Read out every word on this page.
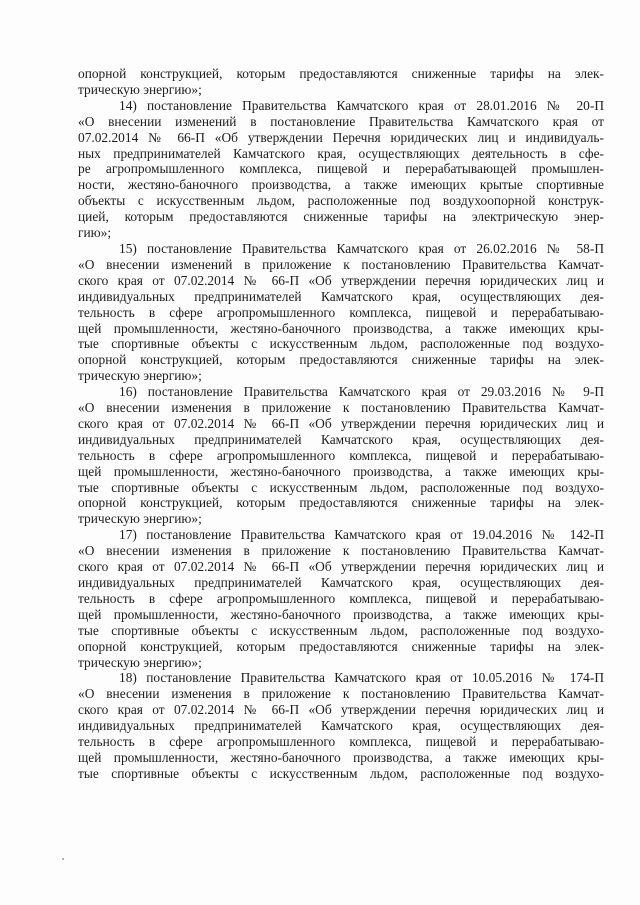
опорной конструкцией, которым предоставляются сниженные тарифы на элек-
трическую энергию»;
14) постановление Правительства Камчатского края от 28.01.2016 № 20-П
«О внесении изменений в постановление Правительства Камчатского края от
07.02.2014 № 66-П «Об утверждении Перечня юридических лиц и индивидуаль-
ных предпринимателей Камчатского края, осуществляющих деятельность в сфе-
ре агропромышленного комплекса, пищевой и перерабатывающей промышлен-
ности, жестяно-баночного производства, а также имеющих крытые спортивные
объекты с искусственным льдом, расположенные под воздухоопорной конструк-
цией, которым предоставляются сниженные тарифы на электрическую энер-
гию»;
15) постановление Правительства Камчатского края от 26.02.2016 № 58-П
«О внесении изменений в приложение к постановлению Правительства Камчат-
ского края от 07.02.2014 № 66-П «Об утверждении перечня юридических лиц и
индивидуальных предпринимателей Камчатского края, осуществляющих дея-
тельность в сфере агропромышленного комплекса, пищевой и перерабатываю-
щей промышленности, жестяно-баночного производства, а также имеющих кры-
тые спортивные объекты с искусственным льдом, расположенные под воздухо-
опорной конструкцией, которым предоставляются сниженные тарифы на элек-
трическую энергию»;
16) постановление Правительства Камчатского края от 29.03.2016 № 9-П
«О внесении изменения в приложение к постановлению Правительства Камчат-
ского края от 07.02.2014 № 66-П «Об утверждении перечня юридических лиц и
индивидуальных предпринимателей Камчатского края, осуществляющих дея-
тельность в сфере агропромышленного комплекса, пищевой и перерабатываю-
щей промышленности, жестяно-баночного производства, а также имеющих кры-
тые спортивные объекты с искусственным льдом, расположенные под воздухо-
опорной конструкцией, которым предоставляются сниженные тарифы на элек-
трическую энергию»;
17) постановление Правительства Камчатского края от 19.04.2016 № 142-П
«О внесении изменения в приложение к постановлению Правительства Камчат-
ского края от 07.02.2014 № 66-П «Об утверждении перечня юридических лиц и
индивидуальных предпринимателей Камчатского края, осуществляющих дея-
тельность в сфере агропромышленного комплекса, пищевой и перерабатываю-
щей промышленности, жестяно-баночного производства, а также имеющих кры-
тые спортивные объекты с искусственным льдом, расположенные под воздухо-
опорной конструкцией, которым предоставляются сниженные тарифы на элек-
трическую энергию»;
18) постановление Правительства Камчатского края от 10.05.2016 № 174-П
«О внесении изменения в приложение к постановлению Правительства Камчат-
ского края от 07.02.2014 № 66-П «Об утверждении перечня юридических лиц и
индивидуальных предпринимателей Камчатского края, осуществляющих дея-
тельность в сфере агропромышленного комплекса, пищевой и перерабатываю-
щей промышленности, жестяно-баночного производства, а также имеющих кры-
тые спортивные объекты с искусственным льдом, расположенные под воздухо-
